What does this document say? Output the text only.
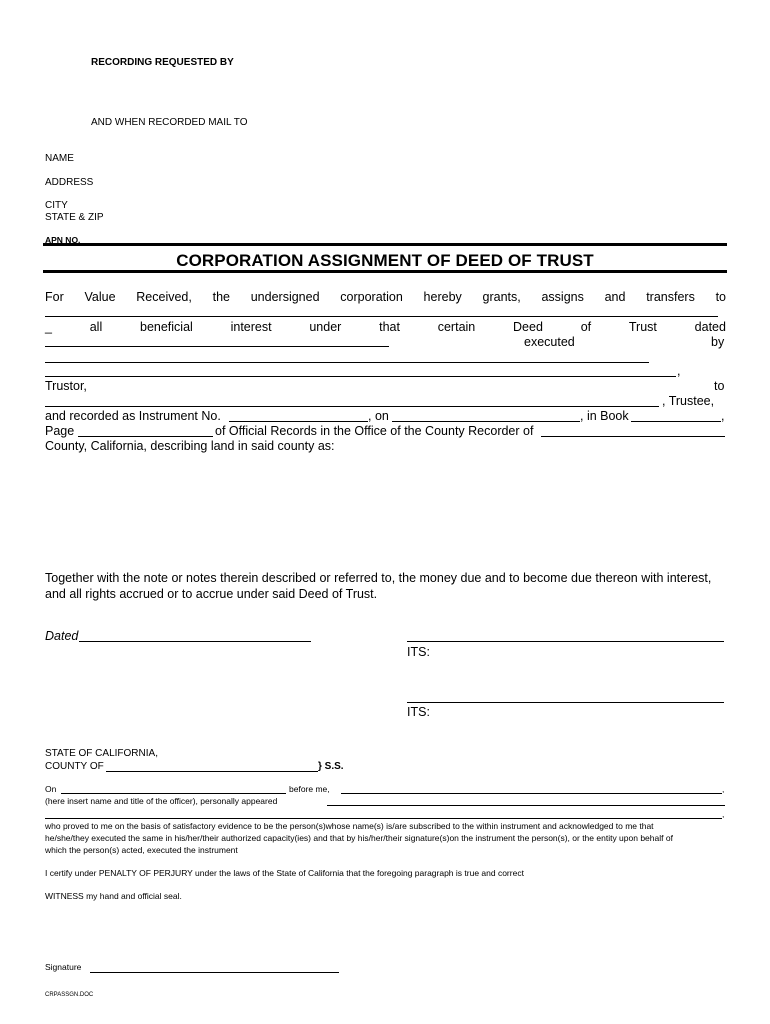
RECORDING REQUESTED BY
AND WHEN RECORDED MAIL TO
NAME
ADDRESS
CITY
STATE & ZIP
APN NO.
CORPORATION ASSIGNMENT OF DEED OF TRUST
For Value Received, the undersigned corporation hereby grants, assigns and transfers to
_	all	beneficial	interest	under	that	certain	Deed	of	Trust	dated
executed	by
,
Trustor,	to
, Trustee,
and recorded as Instrument No.	, on	, in Book	,
Page	of Official Records in the Office of the County Recorder of
County, California, describing land in said county as:
Together with the note or notes therein described or referred to, the money due and to become due thereon with interest, and all rights accrued or to accrue under said Deed of Trust.
Dated
ITS:
ITS:
STATE OF CALIFORNIA,
COUNTY OF	} S.S.
On	before me,	,
(here insert name and title of the officer), personally appeared
,
who proved to me on the basis of satisfactory evidence to be the person(s)whose name(s) is/are subscribed to the within instrument and acknowledged to me that he/she/they executed the same in his/her/their authorized capacity(ies) and that by his/her/their signature(s)on the instrument the person(s), or the entity upon behalf of which the person(s) acted, executed the instrument
I certify under PENALTY OF PERJURY under the laws of the State of California that the foregoing paragraph is true and correct
WITNESS my hand and official seal.
Signature
CRPASSGN.DOC
